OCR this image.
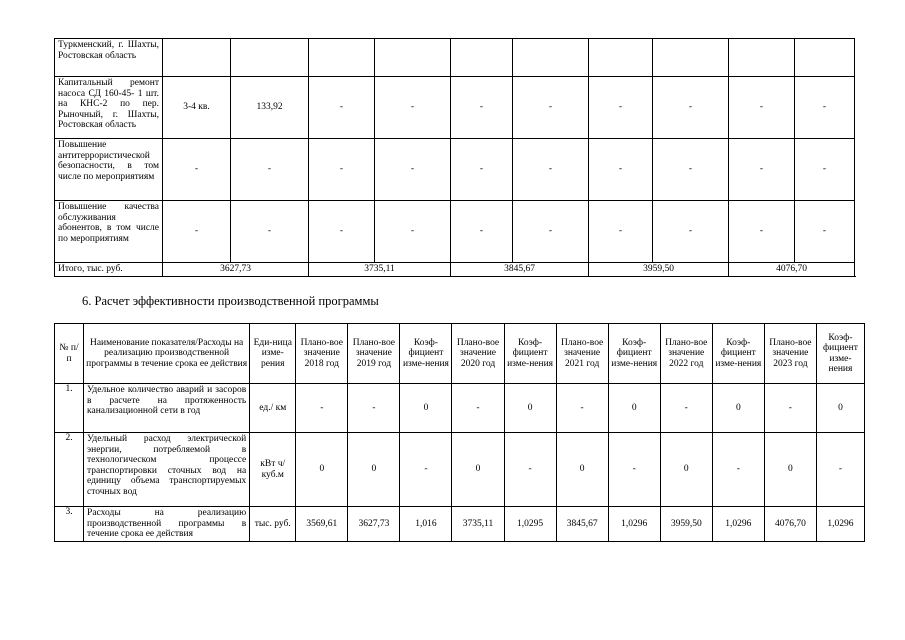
Туркменский, г. Шахты, Ростовская область										
Капитальный ремонт насоса СД 160-45- 1 шт. на КНС-2 по пер. Рыночный, г. Шахты, Ростовская область	3-4 кв.	133,92	-	-	-	-	-	-	-	-
Повышение антитеррористической безопасности, в том числе по мероприятиям	-	-	-	-	-	-	-	-	-	-
Повышение качества обслуживания абонентов, в том числе по мероприятиям	-	-	-	-	-	-	-	-	-	-
Итого, тыс. руб.	3627,73		3735,11		3845,67		3959,50		4076,70	
6. Расчет эффективности производственной программы
№ п/п	Наименование показателя/Расходы на реализацию производственной программы в течение срока ее действия	Еди-ница изме-рения	Плано-вое значение 2018 год	Плано-вое значение 2019 год	Коэф-фициент изме-нения	Плано-вое значение 2020 год	Коэф-фициент изме-нения	Плано-вое значение 2021 год	Коэф-фициент изме-нения	Плано-вое значение 2022 год	Коэф-фициент изме-нения	Плано-вое значение 2023 год	Коэф-фициент изме-нения
1.	Удельное количество аварий и засоров в расчете на протяженность канализационной сети в год	ед./ км	-	-	0	-	0	-	0	-	0	-	0
2.	Удельный расход электрической энергии, потребляемой в технологическом процессе транспортировки сточных вод на единицу объема транспортируемых сточных вод	кВт ч/куб.м	0	0	-	0	-	0	-	0	-	0	-
3.	Расходы на реализацию производственной программы в течение срока ее действия	тыс. руб.	3569,61	3627,73	1,016	3735,11	1,0295	3845,67	1,0296	3959,50	1,0296	4076,70	1,0296
